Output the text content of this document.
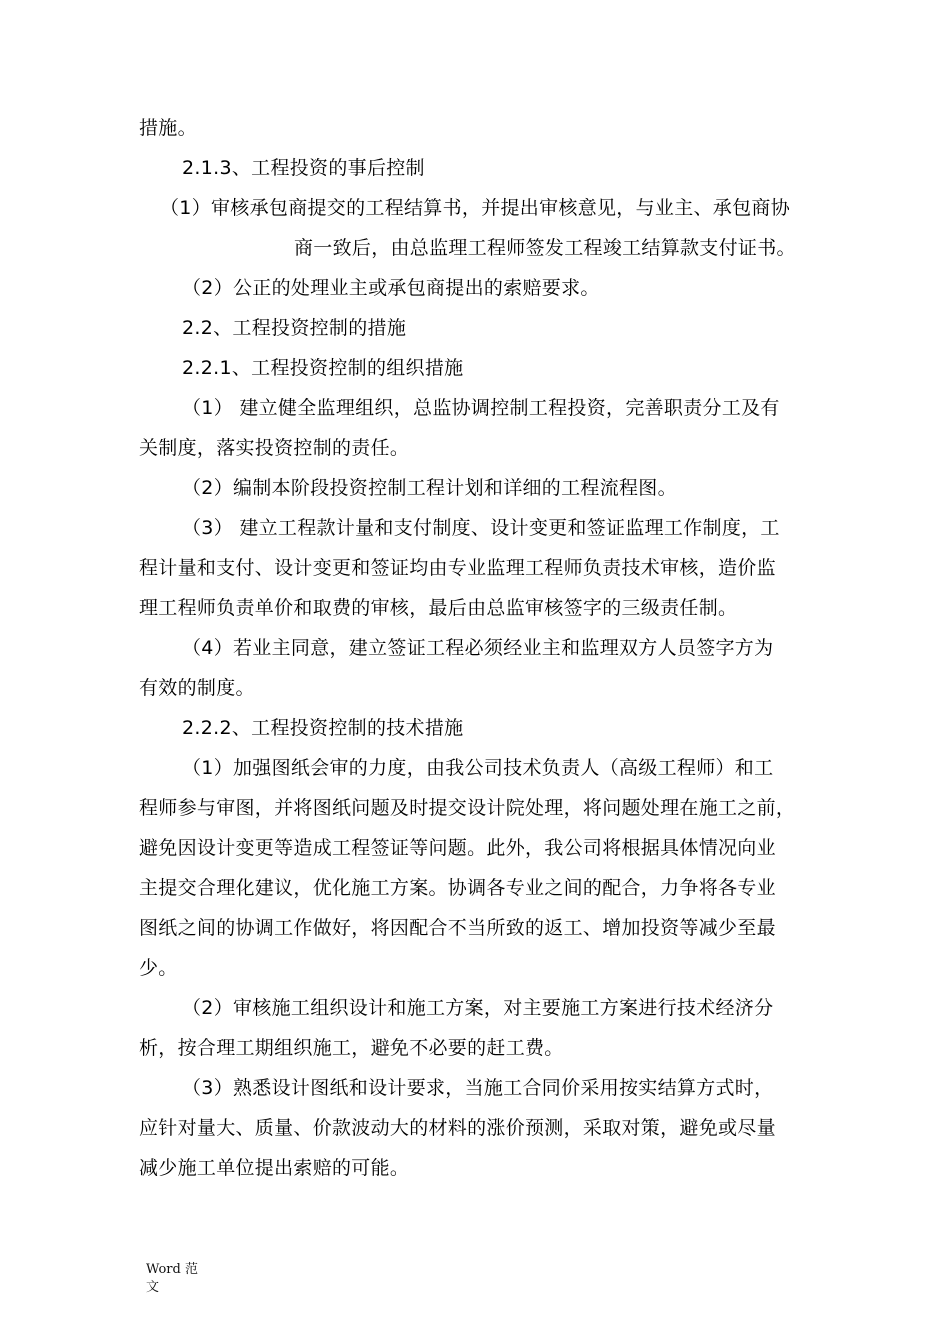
措施。
2.1.3、工程投资的事后控制
（1）审核承包商提交的工程结算书，并提出审核意见，与业主、承包商协
商一致后，由总监理工程师签发工程竣工结算款支付证书。
（2）公正的处理业主或承包商提出的索赔要求。
2.2、工程投资控制的措施
2.2.1、工程投资控制的组织措施
（1） 建立健全监理组织，总监协调控制工程投资，完善职责分工及有
关制度，落实投资控制的责任。
（2）编制本阶段投资控制工程计划和详细的工程流程图。
（3） 建立工程款计量和支付制度、设计变更和签证监理工作制度，工
程计量和支付、设计变更和签证均由专业监理工程师负责技术审核，造价监
理工程师负责单价和取费的审核，最后由总监审核签字的三级责任制。
（4）若业主同意，建立签证工程必须经业主和监理双方人员签字方为
有效的制度。
2.2.2、工程投资控制的技术措施
（1）加强图纸会审的力度，由我公司技术负责人（高级工程师）和工
程师参与审图，并将图纸问题及时提交设计院处理，将问题处理在施工之前，
避免因设计变更等造成工程签证等问题。此外，我公司将根据具体情况向业
主提交合理化建议，优化施工方案。协调各专业之间的配合，力争将各专业
图纸之间的协调工作做好，将因配合不当所致的返工、增加投资等减少至最
少。
（2）审核施工组织设计和施工方案，对主要施工方案进行技术经济分
析，按合理工期组织施工，避免不必要的赶工费。
（3）熟悉设计图纸和设计要求，当施工合同价采用按实结算方式时，
应针对量大、质量、价款波动大的材料的涨价预测，采取对策，避免或尽量
减少施工单位提出索赔的可能。
Word 范
文
